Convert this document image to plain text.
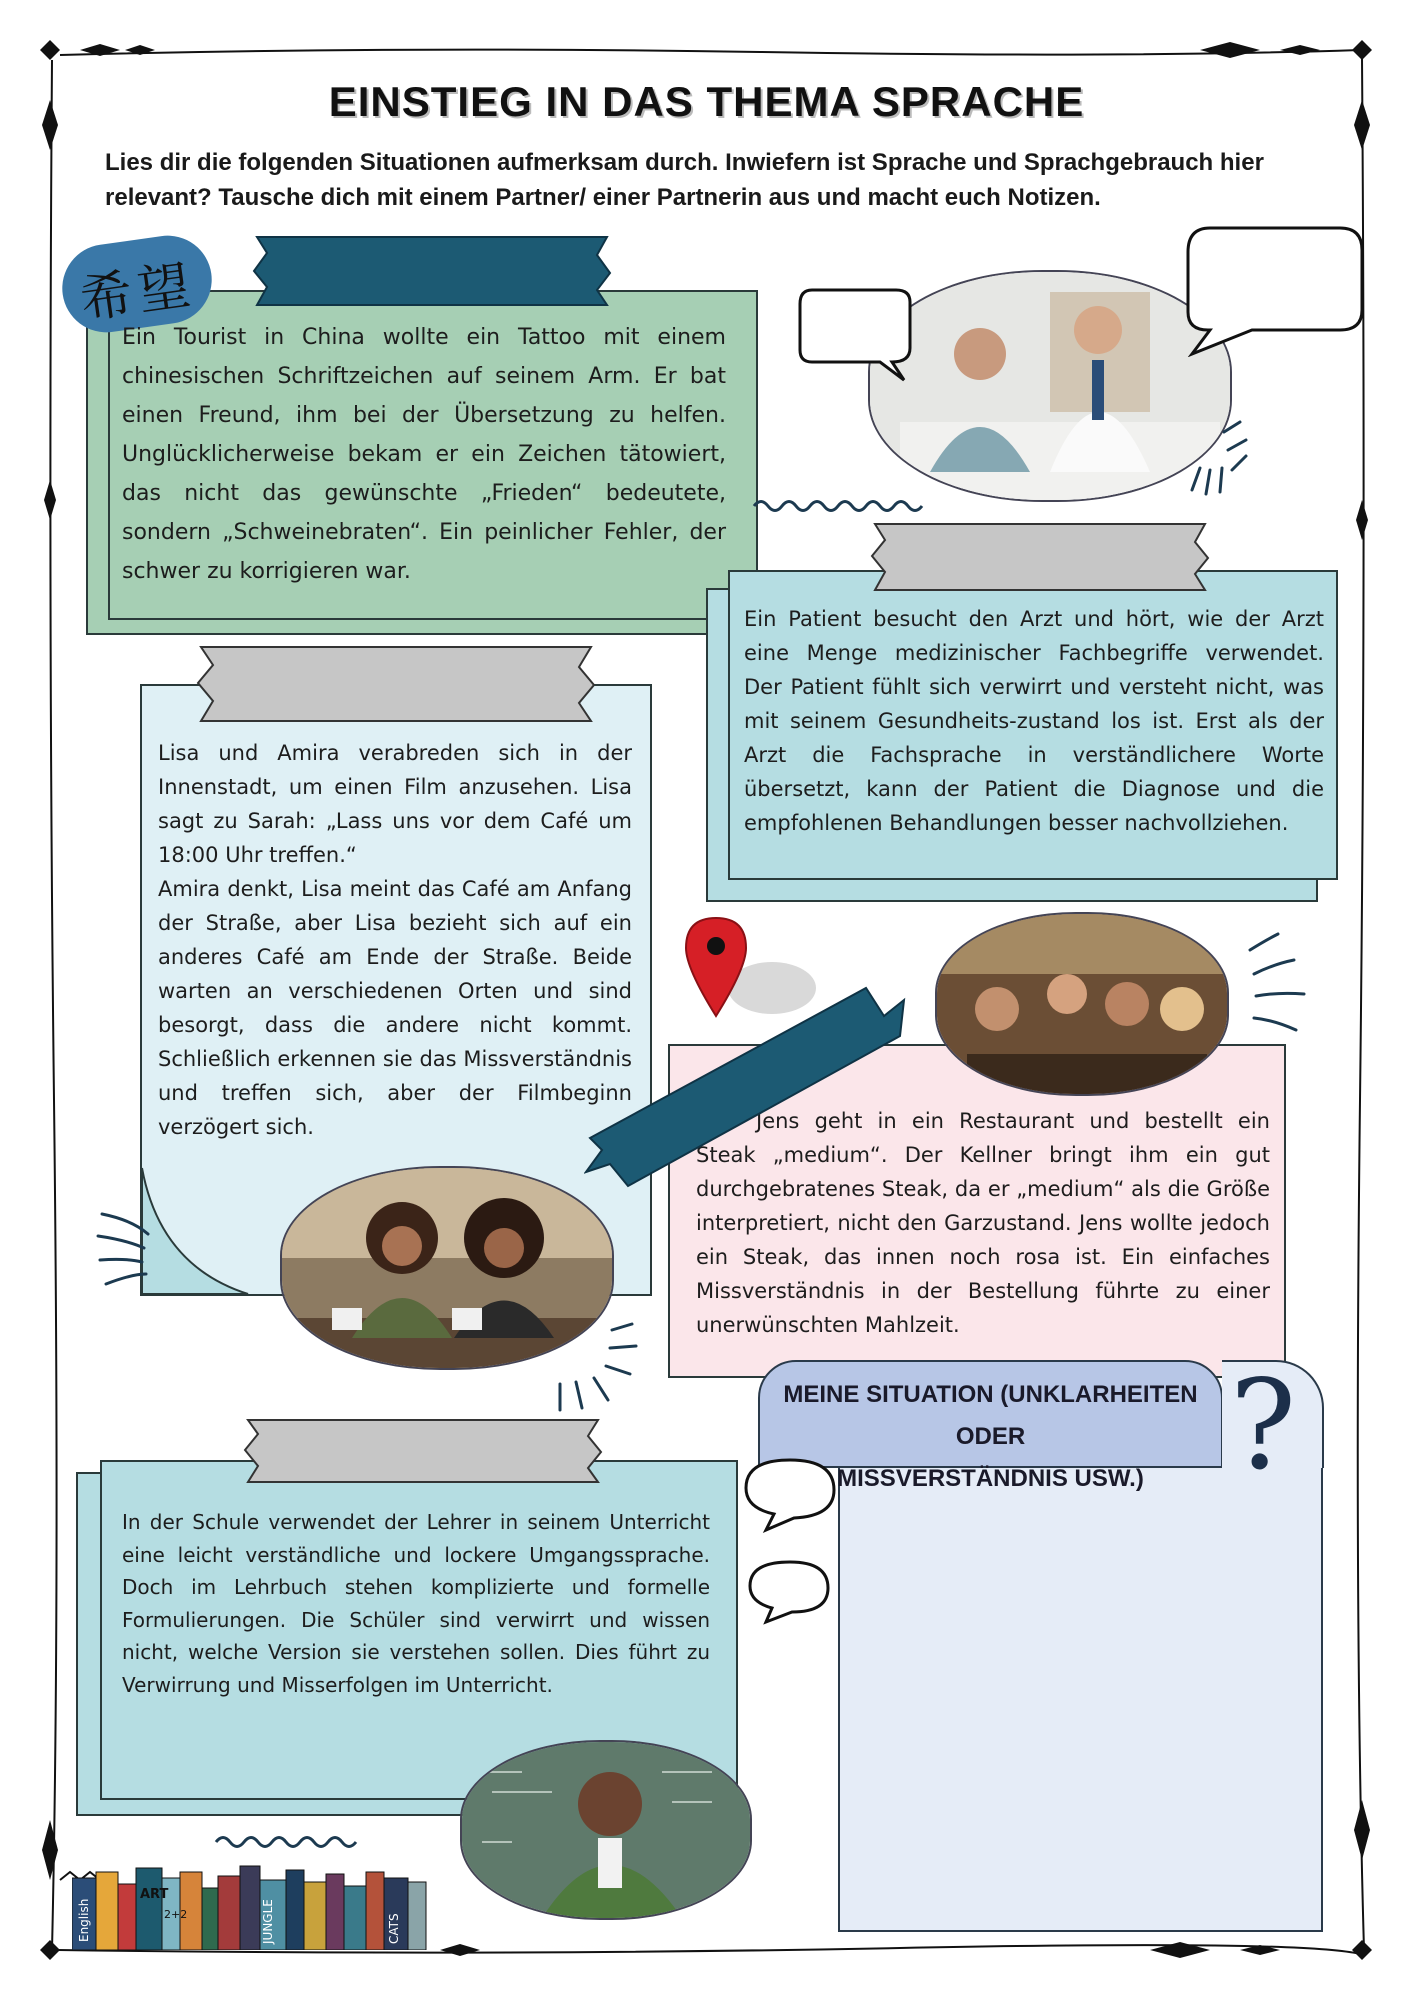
EINSTIEG IN DAS THEMA SPRACHE
Lies dir die folgenden Situationen aufmerksam durch. Inwiefern ist Sprache und Sprachgebrauch hier relevant? Tausche dich mit einem Partner/ einer Partnerin aus und macht euch Notizen.
希望
Ein Tourist in China wollte ein Tattoo mit einem chinesischen Schriftzeichen auf seinem Arm. Er bat einen Freund, ihm bei der Übersetzung zu helfen. Unglücklicherweise bekam er ein Zeichen tätowiert, das nicht das gewünschte „Frieden“ bedeutete, sondern „Schweinebraten“. Ein peinlicher Fehler, der schwer zu korrigieren war.
Ein Patient besucht den Arzt und hört, wie der Arzt eine Menge medizinischer Fachbegriffe verwendet. Der Patient fühlt sich verwirrt und versteht nicht, was mit seinem Gesundheits-zustand los ist. Erst als der Arzt die Fachsprache in verständlichere Worte übersetzt, kann der Patient die Diagnose und die empfohlenen Behandlungen besser nachvollziehen.
Lisa und Amira verabreden sich in der Innenstadt, um einen Film anzusehen. Lisa sagt zu Sarah: „Lass uns vor dem Café um 18:00 Uhr treffen.“
Amira denkt, Lisa meint das Café am Anfang der Straße, aber Lisa bezieht sich auf ein anderes Café am Ende der Straße. Beide warten an verschiedenen Orten und sind besorgt, dass die andere nicht kommt. Schließlich erkennen sie das Missverständnis und treffen sich, aber der Filmbeginn verzögert sich.	Jens geht in ein Restaurant und bestellt ein Steak „medium“. Der Kellner bringt ihm ein gut durchgebratenes Steak, da er „medium“ als die Größe interpretiert, nicht den Garzustand. Jens wollte jedoch ein Steak, das innen noch rosa ist. Ein einfaches Missverständnis in der Bestellung führte zu einer unerwünschten Mahlzeit.
In der Schule verwendet der Lehrer in seinem Unterricht eine leicht verständliche und lockere Umgangssprache. Doch im Lehrbuch stehen komplizierte und formelle Formulierungen. Die Schüler sind verwirrt und wissen nicht, welche Version sie verstehen sollen. Dies führt zu Verwirrung und Misserfolgen im Unterricht.
English
ART
2+2	JUNGLE	CATS
MEINE SITUATION (UNKLARHEITEN ODER
MISSVERSTÄNDNIS USW.) ?
